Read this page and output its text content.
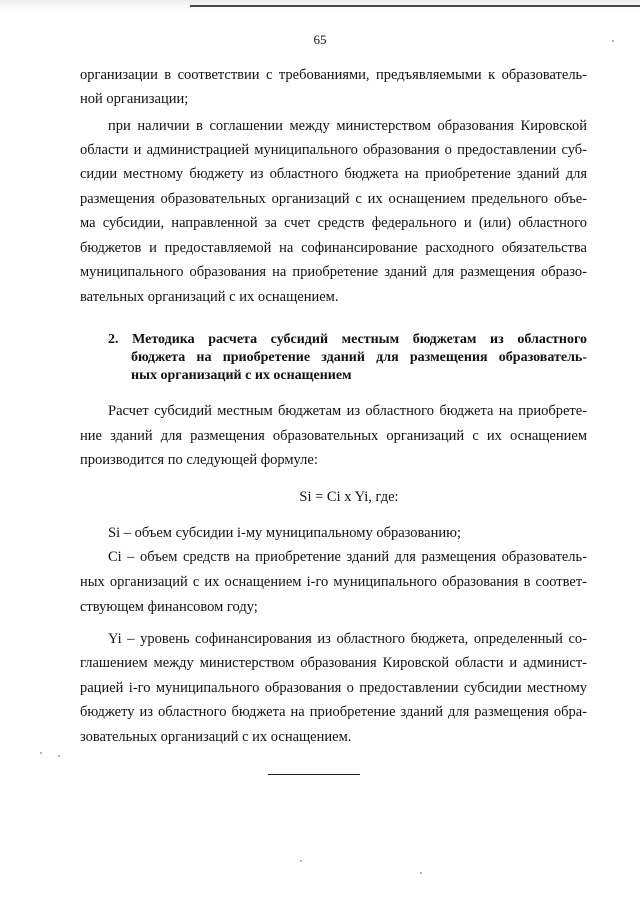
65
организации в соответствии с требованиями, предъявляемыми к образователь-
ной организации;
при наличии в соглашении между министерством образования Кировской
области и администрацией муниципального образования о предоставлении суб-
сидии местному бюджету из областного бюджета на приобретение зданий для
размещения образовательных организаций с их оснащением предельного объе-
ма субсидии, направленной за счет средств федерального и (или) областного
бюджетов и предоставляемой на софинансирование расходного обязательства
муниципального образования на приобретение зданий для размещения образо-
вательных организаций с их оснащением.
2. Методика расчета субсидий местным бюджетам из областного
бюджета на приобретение зданий для размещения образователь-
ных организаций с их оснащением
Расчет субсидий местным бюджетам из областного бюджета на приобрете-
ние зданий для размещения образовательных организаций с их оснащением
производится по следующей формуле:
Si = Ci x Yi, где:
Si – объем субсидии i-му муниципальному образованию;
Ci – объем средств на приобретение зданий для размещения образователь-
ных организаций с их оснащением i-го муниципального образования в соответ-
ствующем финансовом году;
Yi – уровень софинансирования из областного бюджета, определенный со-
глашением между министерством образования Кировской области и админист-
рацией i-го муниципального образования о предоставлении субсидии местному
бюджету из областного бюджета на приобретение зданий для размещения обра-
зовательных организаций с их оснащением.
